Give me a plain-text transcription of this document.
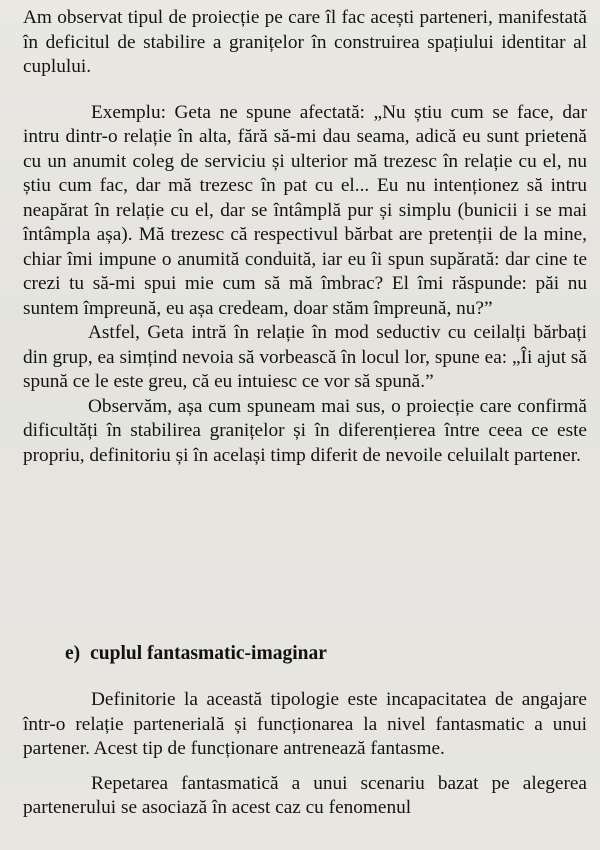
Am observat tipul de proiecție pe care îl fac acești parteneri, manifestată în deficitul de stabilire a granițelor în construirea spațiului identitar al cuplului.

Exemplu: Geta ne spune afectată: „Nu știu cum se face, dar intru dintr-o relație în alta, fără să-mi dau seama, adică eu sunt prietenă cu un anumit coleg de serviciu și ulterior mă trezesc în relație cu el, nu știu cum fac, dar mă trezesc în pat cu el... Eu nu intenționez să intru neapărat în relație cu el, dar se întâmplă pur și simplu (bunicii i se mai întâmpla așa). Mă trezesc că respectivul bărbat are pretenții de la mine, chiar îmi impune o anumită conduită, iar eu îi spun supărată: dar cine te crezi tu să-mi spui mie cum să mă îmbrac? El îmi răspunde: păi nu suntem împreună, eu așa credeam, doar stăm împreună, nu?”

Astfel, Geta intră în relație în mod seductiv cu ceilalți bărbați din grup, ea simțind nevoia să vorbească în locul lor, spune ea: „Îi ajut să spună ce le este greu, că eu intuiesc ce vor să spună.”

Observăm, așa cum spuneam mai sus, o proiecție care confirmă dificultăți în stabilirea granițelor și în diferențierea între ceea ce este propriu, definitoriu și în același timp diferit de nevoile celuilalt partener.

e) cuplul fantasmatic-imaginar

Definitorie la această tipologie este incapacitatea de angajare într-o relație partenerială și funcționarea la nivel fantasmatic a unui partener. Acest tip de funcționare antrenează fantasme.

Repetarea fantasmatică a unui scenariu bazat pe alegerea partenerului se asociază în acest caz cu fenomenul
